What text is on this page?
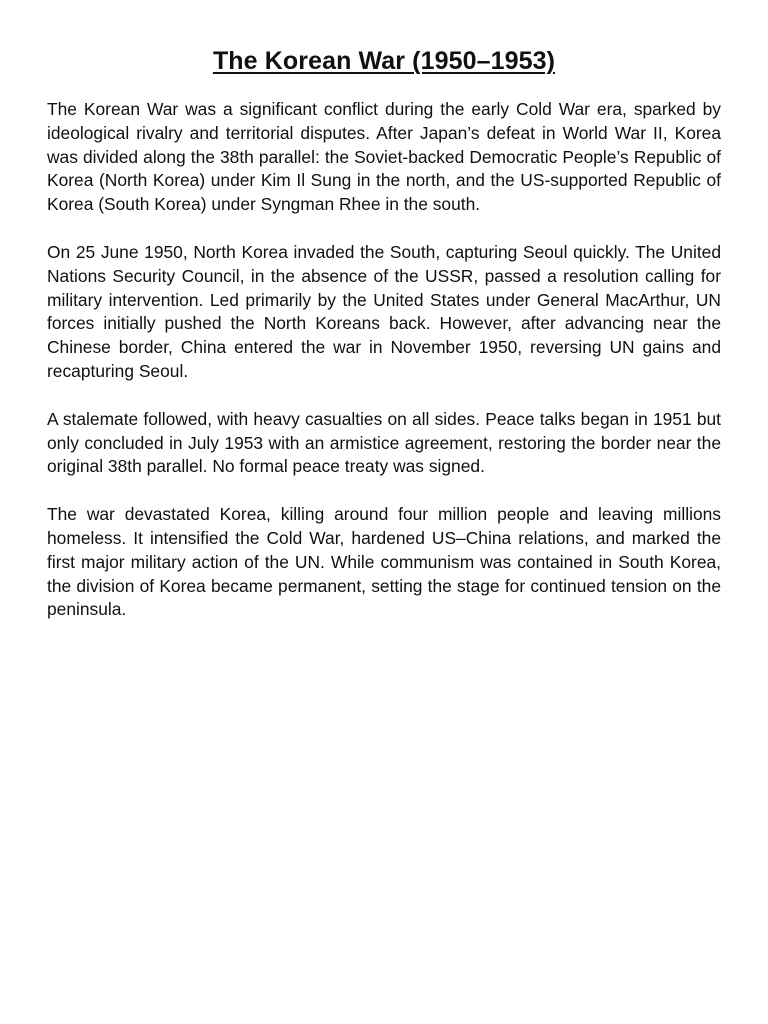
The Korean War (1950–1953)

The Korean War was a significant conflict during the early Cold War era, sparked by ideological rivalry and territorial disputes. After Japan’s defeat in World War II, Korea was divided along the 38th parallel: the Soviet-backed Democratic People’s Republic of Korea (North Korea) under Kim Il Sung in the north, and the US-supported Republic of Korea (South Korea) under Syngman Rhee in the south.

On 25 June 1950, North Korea invaded the South, capturing Seoul quickly. The United Nations Security Council, in the absence of the USSR, passed a resolution calling for military intervention. Led primarily by the United States under General MacArthur, UN forces initially pushed the North Koreans back. However, after advancing near the Chinese border, China entered the war in November 1950, reversing UN gains and recapturing Seoul.

A stalemate followed, with heavy casualties on all sides. Peace talks began in 1951 but only concluded in July 1953 with an armistice agreement, restoring the border near the original 38th parallel. No formal peace treaty was signed.

The war devastated Korea, killing around four million people and leaving millions homeless. It intensified the Cold War, hardened US–China relations, and marked the first major military action of the UN. While communism was contained in South Korea, the division of Korea became permanent, setting the stage for continued tension on the peninsula.
